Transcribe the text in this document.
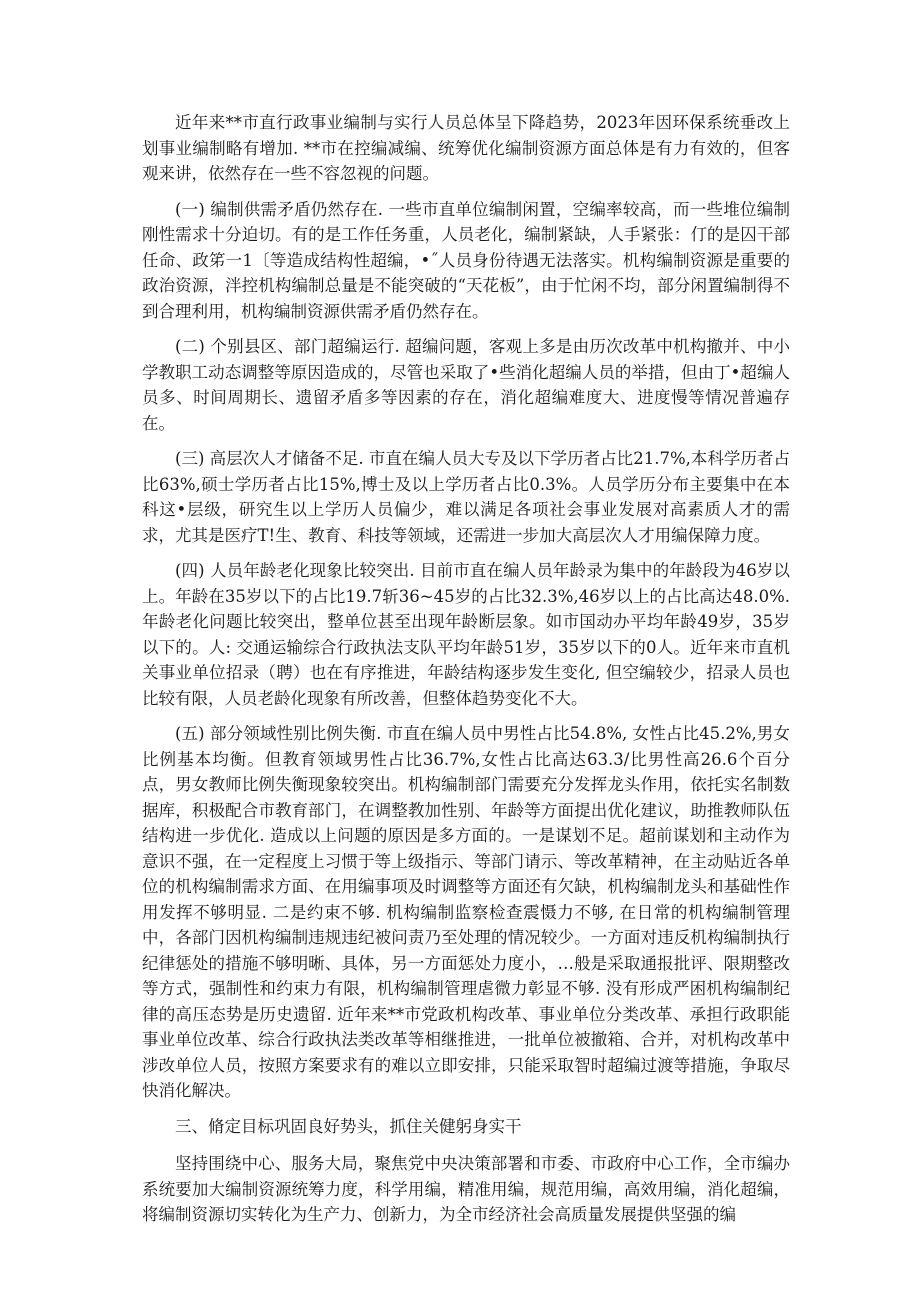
近年来**市直行政事业编制与实行人员总体呈下降趋势，2023年因环保系统垂改上划事业编制略有增加. **市在控编减编、统筹优化编制资源方面总体是有力有效的，但客观来讲，依然存在一些不容忽视的问题。

(一) 编制供需矛盾仍然存在. 一些市直单位编制闲置，空编率较高，而一些堆位编制刚性需求十分迫切。有的是工作任务重，人员老化，编制紧缺，人手紧张：仃的是囚干部任命、政笫一1〔等造成结构性超编，•˝人员身份待遇无法落实。机构编制资源是重要的政治资源，泮控机构编制总量是不能突破的“天花板”，由于忙闲不均，部分闲置编制得不到合理利用，机构编制资源供需矛盾仍然存在。

(二) 个别县区、部门超编运行. 超编问题，客观上多是由历次改革中机构撤并、中小学教职工动态调整等原因造成的，尽管也采取了•些消化超编人员的举措，但由丁•超编人员多、时间周期长、遗留矛盾多等因素的存在，消化超编难度大、进度慢等情况普遍存在。

(三) 高层次人才储备不足. 市直在编人员大专及以下学历者占比21.7%,本科学历者占比63%,硕士学历者占比15%,博士及以上学历者占比0.3%。人员学历分布主要集中在本科这•层级，研究生以上学历人员偏少，难以满足各项社会事业发展对高素质人才的需求，尤其是医疗T!生、教育、科技等领域，还需进一步加大高层次人才用编保障力度。

(四) 人员年龄老化现象比较突出. 目前市直在编人员年龄录为集中的年龄段为46岁以上。年龄在35岁以下的占比19.7斩36~45岁的占比32.3%,46岁以上的占比高达48.0%.年龄老化问题比较突出，整单位甚至出现年龄断层象。如市国动办平均年龄49岁，35岁以下的。人: 交通运输综合行政执法支队平均年龄51岁，35岁以下的0人。近年来市直机关事业单位招录（聘）也在有序推进，年龄结构逐步发生变化, 但空编较少，招录人员也比较有限，人员老龄化现象有所改善，但整体趋势变化不大。

(五) 部分领域性别比例失衡. 市直在编人员中男性占比54.8%, 女性占比45.2%,男女比例基本均衡。但教育领域男性占比36.7%,女性占比高达63.3/比男性高26.6个百分点，男女教师比例失衡现象较突出。机构编制部门需要充分发挥龙头作用，依托实名制数据库，积极配合市教育部门，在调整教加性别、年龄等方面提出优化建议，助推教师队伍结构进一步优化. 造成以上问题的原因是多方面的。一是谋划不足。超前谋划和主动作为意识不强，在一定程度上习惯于等上级指示、等部门请示、等改革精神，在主动贴近各单位的机构编制需求方面、在用编事项及时调整等方面还有欠缺，机构编制龙头和基础性作用发挥不够明显. 二是约束不够. 机构编制监察检查震慑力不够, 在日常的机构编制管理中，各部门因机构编制违规违纪被问责乃至处理的情况较少。一方面对违反机构编制执行纪律惩处的措施不够明晰、具体，另一方面惩处力度小，…般是采取通报批评、限期整改等方式，强制性和约束力有限，机构编制管理虐微力彰显不够. 没有形成严困机构编制纪律的高压态势是历史遗留. 近年来**市党政机构改革、事业单位分类改革、承担行政职能事业单位改革、综合行政执法类改革等相继推进，一批单位被撤箱、合并，对机构改革中涉改单位人员，按照方案要求有的难以立即安排，只能采取智时超编过渡等措施，争取尽快消化解决。

三、脩定目标巩固良好势头，抓住关健躬身实干

坚持围绕中心、服务大局，聚焦党中央决策部署和市委、市政府中心工作，全市编办系统要加大编制资源统筹力度，科学用编，精准用编，规范用编，高效用编，消化超编，将编制资源切实转化为生产力、创新力，为全市经济社会高质量发展提供坚强的编
